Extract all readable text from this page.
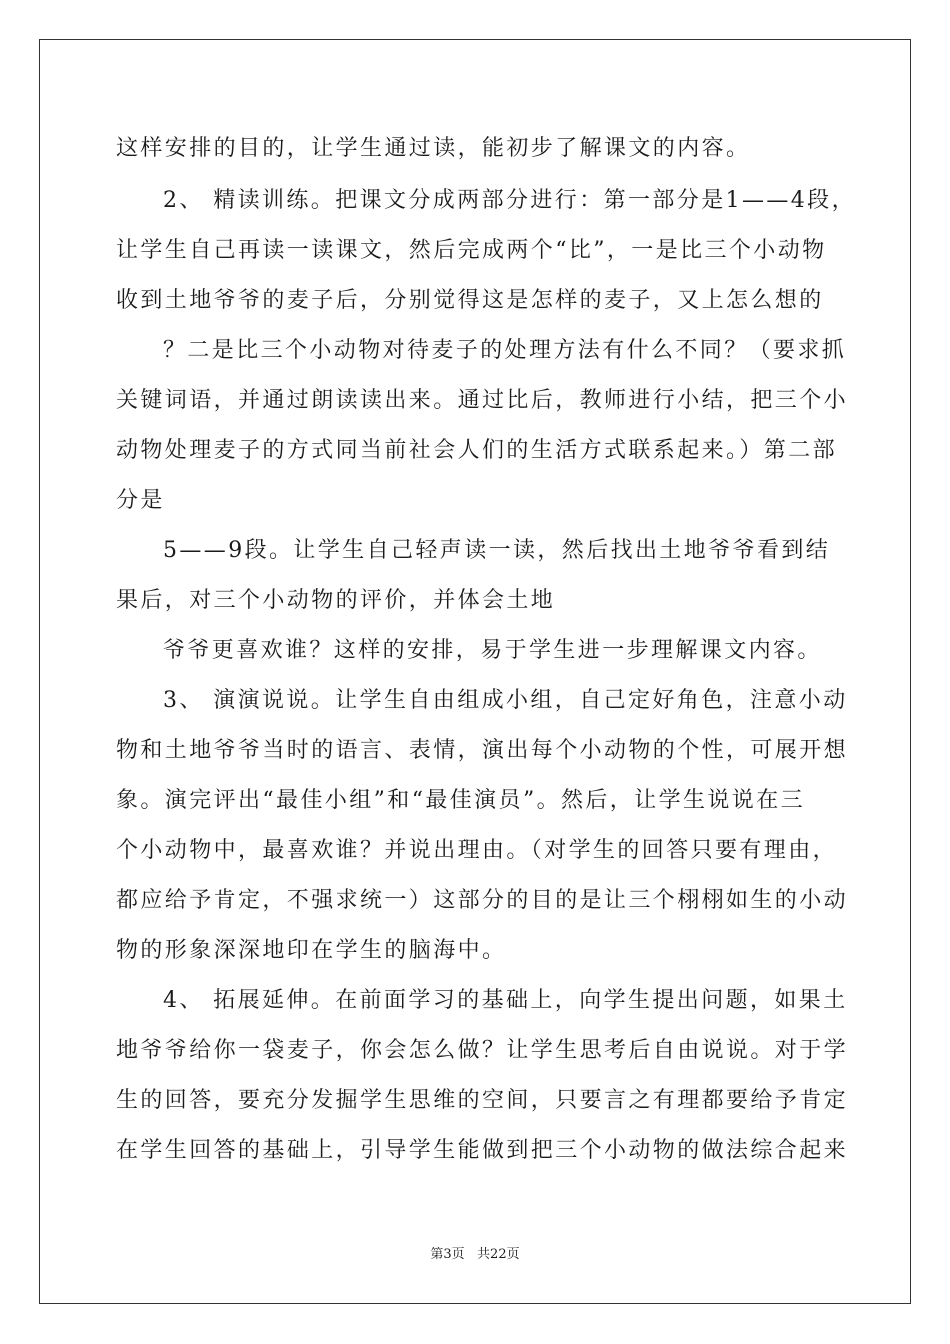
这样安排的目的，让学生通过读，能初步了解课文的内容。
2、 精读训练。把课文分成两部分进行：第一部分是1——4段，
让学生自己再读一读课文，然后完成两个“比”，一是比三个小动物
收到土地爷爷的麦子后，分别觉得这是怎样的麦子，又上怎么想的
？二是比三个小动物对待麦子的处理方法有什么不同？（要求抓
关键词语，并通过朗读读出来。通过比后，教师进行小结，把三个小
动物处理麦子的方式同当前社会人们的生活方式联系起来。）第二部
分是
5——9段。让学生自己轻声读一读，然后找出土地爷爷看到结
果后，对三个小动物的评价，并体会土地
爷爷更喜欢谁？这样的安排，易于学生进一步理解课文内容。
3、 演演说说。让学生自由组成小组，自己定好角色，注意小动
物和土地爷爷当时的语言、表情，演出每个小动物的个性，可展开想
象。演完评出“最佳小组”和“最佳演员”。然后，让学生说说在三
个小动物中，最喜欢谁？并说出理由。（对学生的回答只要有理由，
都应给予肯定，不强求统一）这部分的目的是让三个栩栩如生的小动
物的形象深深地印在学生的脑海中。
4、 拓展延伸。在前面学习的基础上，向学生提出问题，如果土
地爷爷给你一袋麦子，你会怎么做？让学生思考后自由说说。对于学
生的回答，要充分发掘学生思维的空间，只要言之有理都要给予肯定
在学生回答的基础上，引导学生能做到把三个小动物的做法综合起来
第3页   共22页
